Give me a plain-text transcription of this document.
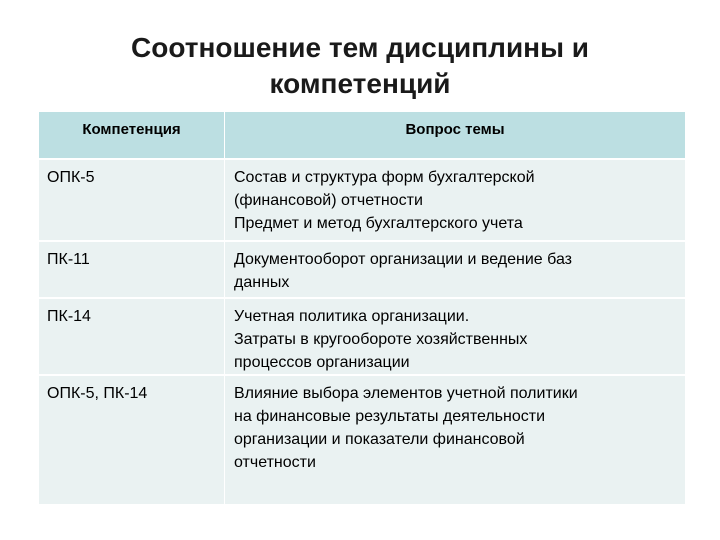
Соотношение тем дисциплины и
компетенций
Компетенция	Вопрос темы
ОПК-5	Состав и структура форм бухгалтерской
(финансовой) отчетности
Предмет и метод бухгалтерского учета

ПК-11	Документооборот организации и ведение баз
данных

ПК-14	Учетная политика организации.
Затраты в кругообороте хозяйственных
процессов организации

ОПК-5, ПК-14	Влияние выбора элементов учетной политики
на финансовые результаты деятельности
организации и показатели финансовой
отчетности
